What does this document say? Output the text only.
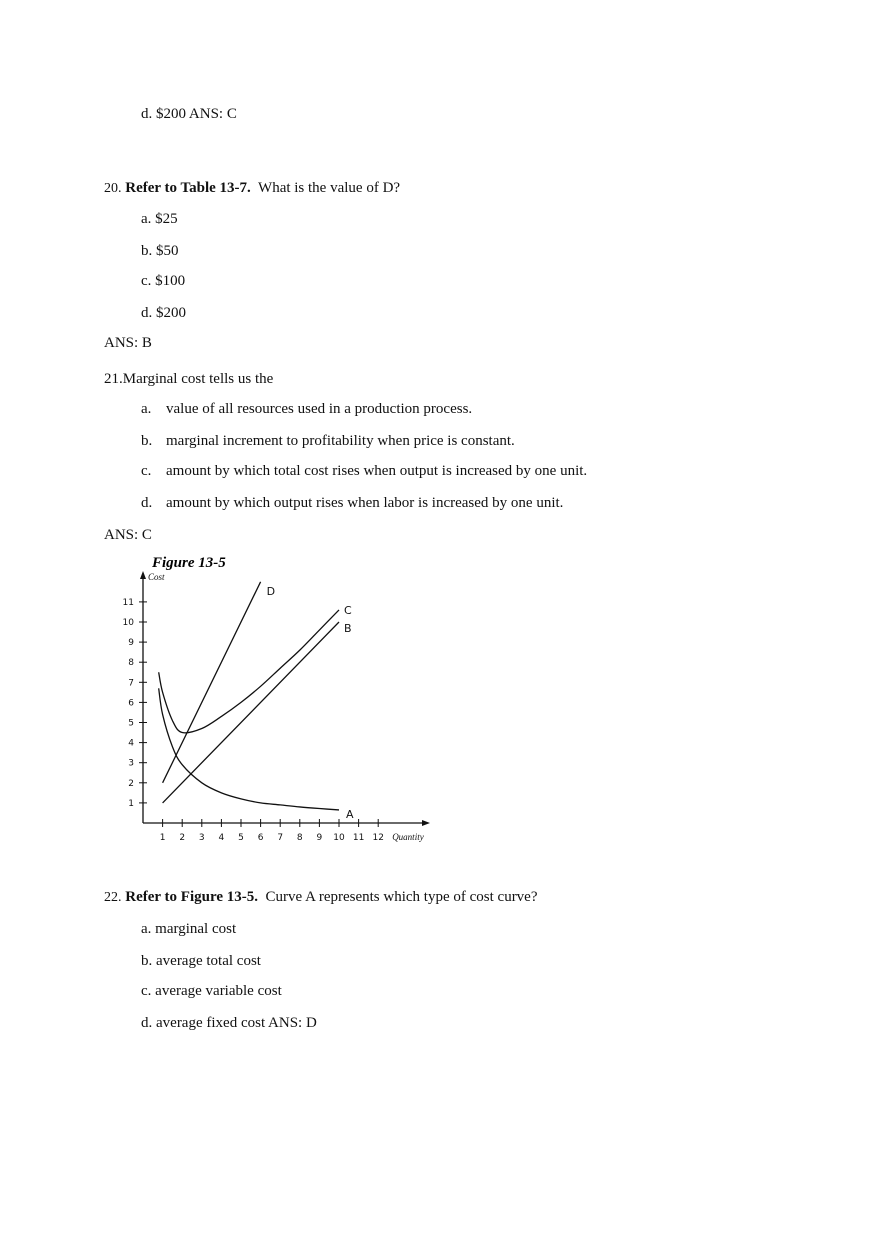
d. $200 ANS: C
20. Refer to Table 13-7. What is the value of D?
a. $25
b. $50
c. $100
d. $200
ANS: B
21.Marginal cost tells us the
a. value of all resources used in a production process.
b. marginal increment to profitability when price is constant.
c. amount by which total cost rises when output is increased by one unit.
d. amount by which output rises when labor is increased by one unit.
ANS: C
Figure 13-5
1
2
3
4
5
6
7
8
9
10
11
1 2 3 4 5 6 7 8 9 10 11 12
Cost
Quantity
A
B
C
D
22. Refer to Figure 13-5. Curve A represents which type of cost curve?
a. marginal cost
b. average total cost
c. average variable cost
d. average fixed cost ANS: D
